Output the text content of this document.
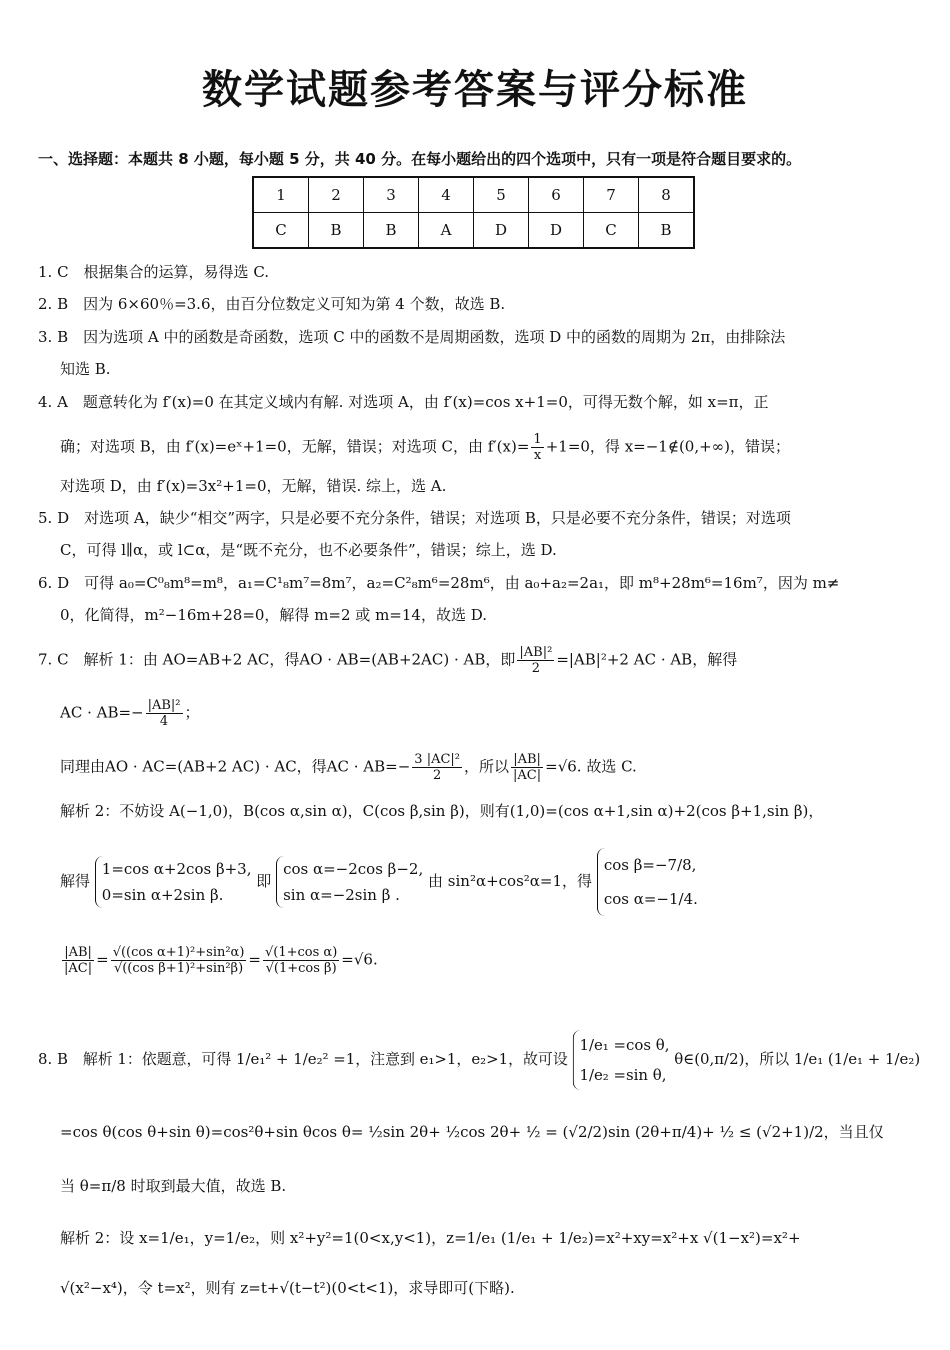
数学试题参考答案与评分标准
一、选择题：本题共 8 小题，每小题 5 分，共 40 分。在每小题给出的四个选项中，只有一项是符合题目要求的。
1	2	3	4	5	6	7	8
C	B	B	A	D	D	C	B
1. C　根据集合的运算，易得选 C.
2. B　因为 6×60％=3.6，由百分位数定义可知为第 4 个数，故选 B.
3. B　因为选项 A 中的函数是奇函数，选项 C 中的函数不是周期函数，选项 D 中的函数的周期为 2π，由排除法
知选 B.
4. A　题意转化为 f′(x)=0 在其定义域内有解. 对选项 A，由 f′(x)=cos x+1=0，可得无数个解，如 x=π，正
确；对选项 B，由 f′(x)=eˣ+1=0，无解，错误；对选项 C，由 $f'(x)= \frac{1}{x} +1=0$，得 x=−1∉(0,+∞)，错误；
对选项 D，由 f′(x)=3x²+1=0，无解，错误. 综上，选 A.
5. D　对选项 A，缺少“相交”两字，只是必要不充分条件，错误；对选项 B，只是必要不充分条件，错误；对选项
C，可得 l∥α，或 l⊂α，是“既不充分，也不必要条件”，错误；综上，选 D.
6. D　可得 a₀=C⁰₈m⁸=m⁸，a₁=C¹₈m⁷=8m⁷，a₂=C²₈m⁶=28m⁶，由 a₀+a₂=2a₁，即 m⁸+28m⁶=16m⁷，因为 m≠
0，化简得，m²−16m+28=0，解得 m=2 或 m=14，故选 D.
7. C　解析 1：由 AO=AB+2 AC，得AO · AB=(AB+2AC) · AB，即 $\frac{\text{|AB|²}}{2} =|AB|^2+2$ AC · AB，解得
AC · $AB=- \frac{\text{|AB|²}}{4}$ ；
同理由AO · AC=(AB+2 AC) · AC，得AC · $AB=- \frac{\text{3 |AC|²}}{2}$ ，所以 $\frac{|AB|}{|AC|} =√6$. 故选 C.
解析 2：不妨设 A(−1,0)，B(cos α,sin α)，C(cos β,sin β)，则有(1,0)=(cos α+1,sin α)+2(cos β+1,sin β)，
解得
1=cos α+2cos β+3,
0=sin α+2sin β.
即
cos α=−2cos β−2,
sin α=−2sin β .
由 sin²α+cos²α=1，得
cos β=−7/8,
cos α=−1/4.
$\frac{|AB|}{|AC|} = \frac{\text{√((cos α+1)²+sin²α)}}{\text{√((cos β+1)²+sin²β)}} = \frac{\text{√(1+cos α)}}{\text{√(1+cos β)}} =√6$.
8. B　解析 1：依题意，可得 1/e₁² + 1/e₂² =1，注意到 e₁>1，e₂>1，故可设
1/e₁ =cos θ,
1/e₂ =sin θ,
θ∈(0,π/2)，所以 1/e₁ (1/e₁ + 1/e₂)
=cos θ(cos θ+sin θ)=cos²θ+sin θcos θ= ½sin 2θ+ ½cos 2θ+ ½ = (√2/2)sin (2θ+π/4)+ ½ ≤ (√2+1)/2，当且仅
当 θ=π/8 时取到最大值，故选 B.
解析 2：设 x=1/e₁，y=1/e₂，则 x²+y²=1(0<x,y<1)，z=1/e₁ (1/e₁ + 1/e₂)=x²+xy=x²+x √(1−x²)=x²+
√(x²−x⁴)，令 t=x²，则有 z=t+√(t−t²)(0<t<1)，求导即可(下略).
